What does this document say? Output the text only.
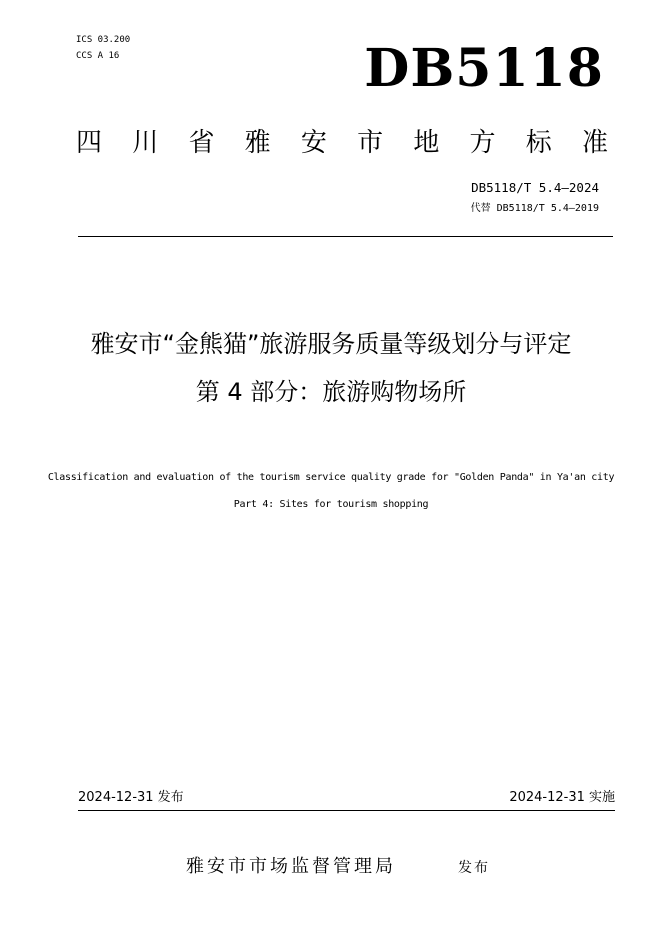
ICS 03.200
CCS A 16	DB5118
四 川 省 雅 安 市 地 方 标 准
DB5118/T 5.4—2024
代替 DB5118/T 5.4—2019
雅安市“金熊猫”旅游服务质量等级划分与评定
第 4 部分：旅游购物场所
Classification and evaluation of the tourism service quality grade for "Golden Panda" in Ya'an city
Part 4: Sites for tourism shopping
2024-12-31 发布	2024-12-31 实施
雅安市市场监督管理局	发布
